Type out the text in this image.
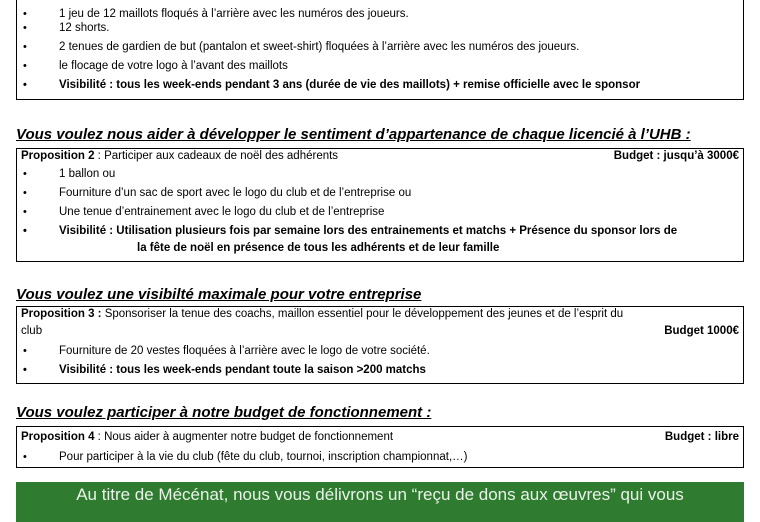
•
1 jeu de 12 maillots floqués à l’arrière avec les numéros des joueurs.
•
12 shorts.
•
2 tenues de gardien de but (pantalon et sweet-shirt) floquées à l’arrière avec les numéros des joueurs.
•
le flocage de votre logo à l’avant des maillots
•
Visibilité : tous les week-ends pendant 3 ans (durée de vie des maillots) + remise officielle avec le sponsor
Vous voulez nous aider à développer le sentiment d’appartenance de chaque licencié à l’UHB :
Proposition 2 : Participer aux cadeaux de noël des adhérents	Budget : jusqu’à 3000€
•
1 ballon ou
•
Fourniture d’un sac de sport avec le logo du club et de l’entreprise ou
•
Une tenue d’entrainement avec le logo du club et de l’entreprise
•
Visibilité : Utilisation plusieurs fois par semaine lors des entrainements et matchs + Présence du sponsor lors de
la fête de noël en présence de tous les adhérents et de leur famille
Vous voulez une visibilté maximale pour votre entreprise
Proposition 3 : Sponsoriser la tenue des coachs, maillon essentiel pour le développement des jeunes et de l’esprit du
club	Budget 1000€
•
Fourniture de 20 vestes floquées à l’arrière avec le logo de votre société.
•
Visibilité : tous les week-ends pendant toute la saison >200 matchs
Vous voulez participer à notre budget de fonctionnement :
Proposition 4 : Nous aider à augmenter notre budget de fonctionnement	Budget : libre
•
Pour participer à la vie du club (fête du club, tournoi, inscription championnat,…)
Au titre de Mécénat, nous vous délivrons un “reçu de dons aux œuvres” qui vous
